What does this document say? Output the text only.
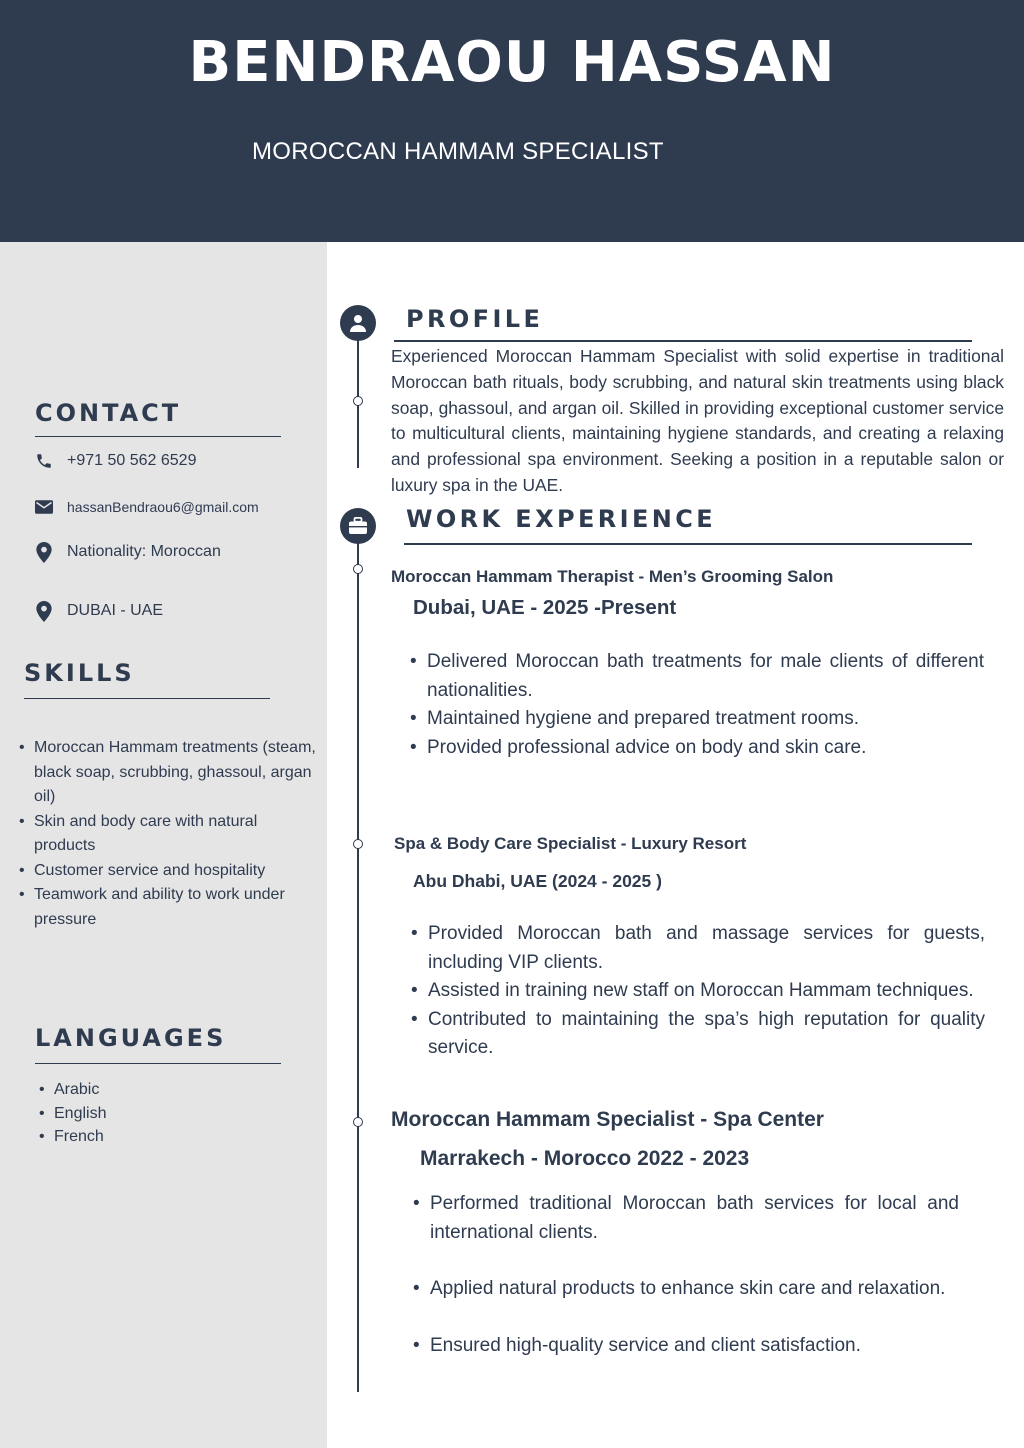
BENDRAOU HASSAN
MOROCCAN HAMMAM SPECIALIST
CONTACT
+971 50 562 6529
hassanBendraou6@gmail.com
Nationality: Moroccan
DUBAI - UAE
SKILLS
• Moroccan Hammam treatments (steam, black soap, scrubbing, ghassoul, argan oil)
• Skin and body care with natural products
• Customer service and hospitality
• Teamwork and ability to work under pressure
LANGUAGES
• Arabic
• English
• French
PROFILE
Experienced Moroccan Hammam Specialist with solid expertise in traditional Moroccan bath rituals, body scrubbing, and natural skin treatments using black soap, ghassoul, and argan oil. Skilled in providing exceptional customer service to multicultural clients, maintaining hygiene standards, and creating a relaxing and professional spa environment. Seeking a position in a reputable salon or luxury spa in the UAE.
WORK EXPERIENCE
Moroccan Hammam Therapist - Men’s Grooming Salon
Dubai, UAE - 2025 -Present
• Delivered Moroccan bath treatments for male clients of different nationalities.
• Maintained hygiene and prepared treatment rooms.
• Provided professional advice on body and skin care.
Spa & Body Care Specialist - Luxury Resort
Abu Dhabi, UAE (2024 - 2025 )
• Provided Moroccan bath and massage services for guests, including VIP clients.
• Assisted in training new staff on Moroccan Hammam techniques.
• Contributed to maintaining the spa’s high reputation for quality service.
Moroccan Hammam Specialist - Spa Center
Marrakech - Morocco 2022 - 2023
• Performed traditional Moroccan bath services for local and international clients.
• Applied natural products to enhance skin care and relaxation.
• Ensured high-quality service and client satisfaction.
